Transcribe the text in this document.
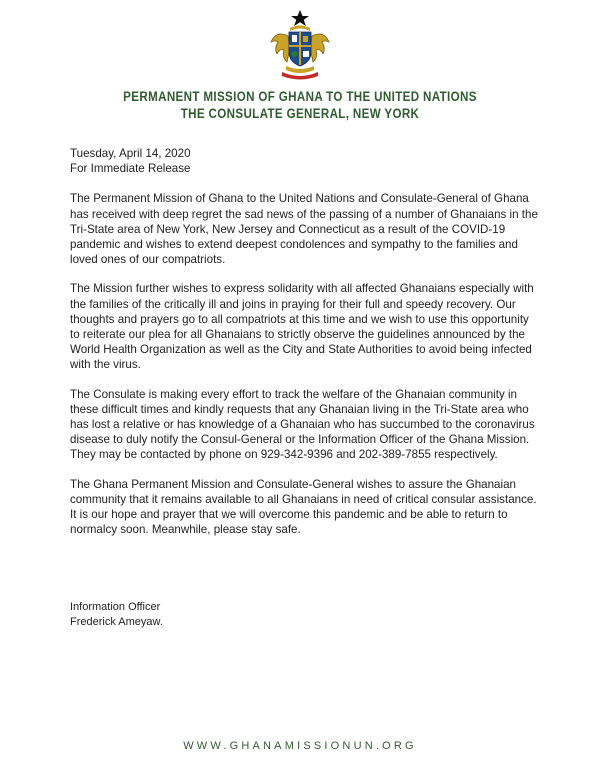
PERMANENT MISSION OF GHANA TO THE UNITED NATIONS
THE CONSULATE GENERAL, NEW YORK

Tuesday, April 14, 2020
For Immediate Release

The Permanent Mission of Ghana to the United Nations and Consulate-General of Ghana has received with deep regret the sad news of the passing of a number of Ghanaians in the Tri-State area of New York, New Jersey and Connecticut as a result of the COVID-19 pandemic and wishes to extend deepest condolences and sympathy to the families and loved ones of our compatriots.

The Mission further wishes to express solidarity with all affected Ghanaians especially with the families of the critically ill and joins in praying for their full and speedy recovery. Our thoughts and prayers go to all compatriots at this time and we wish to use this opportunity to reiterate our plea for all Ghanaians to strictly observe the guidelines announced by the World Health Organization as well as the City and State Authorities to avoid being infected with the virus.

The Consulate is making every effort to track the welfare of the Ghanaian community in these difficult times and kindly requests that any Ghanaian living in the Tri-State area who has lost a relative or has knowledge of a Ghanaian who has succumbed to the coronavirus disease to duly notify the Consul-General or the Information Officer of the Ghana Mission. They may be contacted by phone on 929-342-9396 and 202-389-7855 respectively.

The Ghana Permanent Mission and Consulate-General wishes to assure the Ghanaian community that it remains available to all Ghanaians in need of critical consular assistance. It is our hope and prayer that we will overcome this pandemic and be able to return to normalcy soon. Meanwhile, please stay safe.

Information Officer
Frederick Ameyaw.
WWW.GHANAMISSIONUN.ORG
